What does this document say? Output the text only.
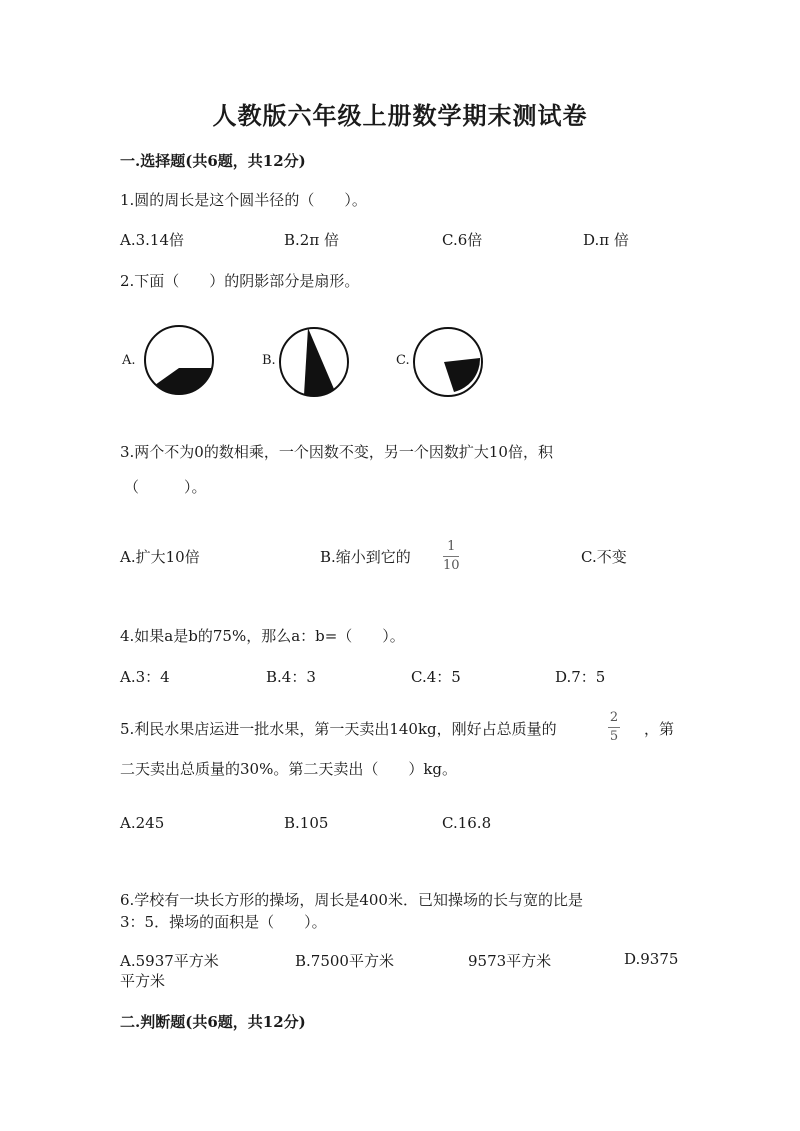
人教版六年级上册数学期末测试卷
一.选择题(共6题，共12分)
1.圆的周长是这个圆半径的（　　）。
A.3.14倍	B.2π 倍	C.6倍	D.π 倍
2.下面（　　）的阴影部分是扇形。
A.	B.	C.
3.两个不为0的数相乘，一个因数不变，另一个因数扩大10倍，积
（　　　）。
A.扩大10倍	B.缩小到它的
1
10	C.不变
4.如果a是b的75%，那么a：b=（　　）。
A.3：4	B.4：3	C.4：5	D.7：5
5.利民水果店运进一批水果，第一天卖出140kg，刚好占总质量的
2
5 ，第
二天卖出总质量的30%。第二天卖出（　　）kg。
A.245	B.105	C.16.8
6.学校有一块长方形的操场，周长是400米．已知操场的长与宽的比是
3：5．操场的面积是（　　）。
A.5937平方米	B.7500平方米	9573平方米	D.9375
平方米
二.判断题(共6题，共12分)
